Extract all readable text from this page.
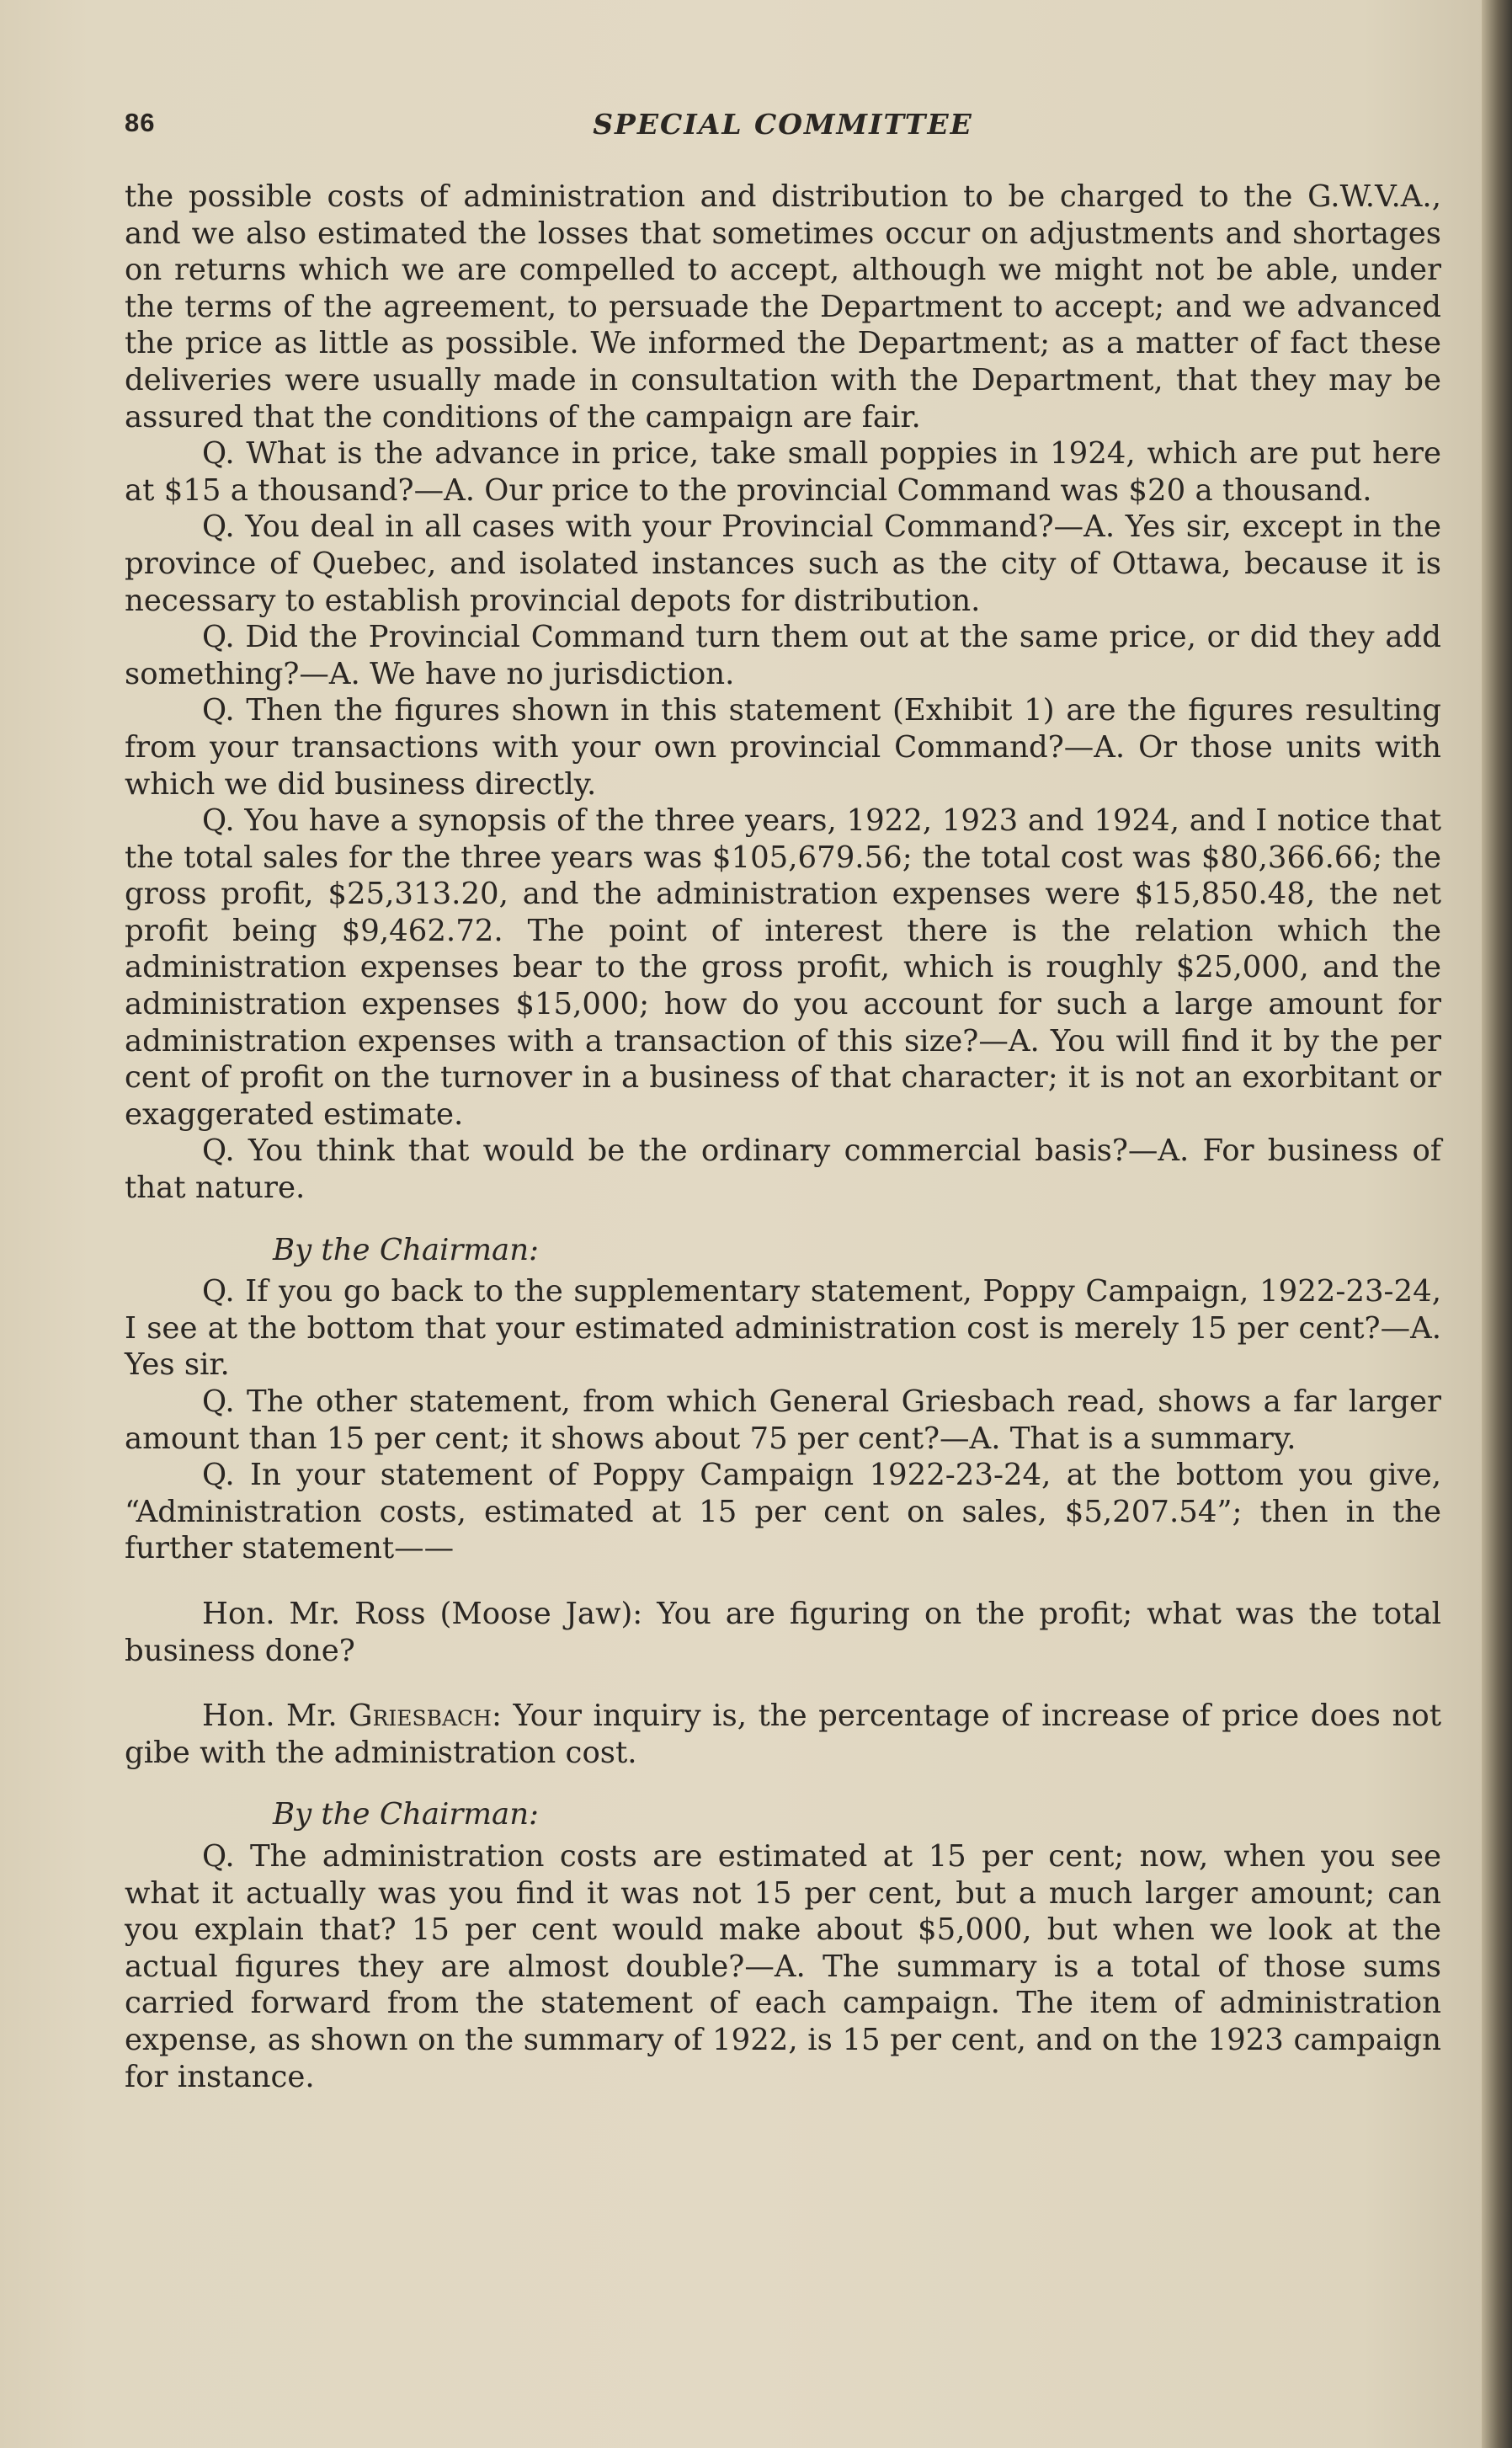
86	SPECIAL COMMITTEE

the possible costs of administration and distribution to be charged to the G.W.V.A., and we also estimated the losses that sometimes occur on adjustments and shortages on returns which we are compelled to accept, although we might not be able, under the terms of the agreement, to persuade the Department to accept; and we advanced the price as little as possible. We informed the Department; as a matter of fact these deliveries were usually made in consultation with the Department, that they may be assured that the conditions of the campaign are fair.

Q. What is the advance in price, take small poppies in 1924, which are put here at $15 a thousand?—A. Our price to the provincial Command was $20 a thousand.

Q. You deal in all cases with your Provincial Command?—A. Yes sir, except in the province of Quebec, and isolated instances such as the city of Ottawa, because it is necessary to establish provincial depots for distribution.

Q. Did the Provincial Command turn them out at the same price, or did they add something?—A. We have no jurisdiction.

Q. Then the figures shown in this statement (Exhibit 1) are the figures resulting from your transactions with your own provincial Command?—A. Or those units with which we did business directly.

Q. You have a synopsis of the three years, 1922, 1923 and 1924, and I notice that the total sales for the three years was $105,679.56; the total cost was $80,366.66; the gross profit, $25,313.20, and the administration expenses were $15,850.48, the net profit being $9,462.72. The point of interest there is the relation which the administration expenses bear to the gross profit, which is roughly $25,000, and the administration expenses $15,000; how do you account for such a large amount for administration expenses with a transaction of this size?—A. You will find it by the per cent of profit on the turnover in a business of that character; it is not an exorbitant or exaggerated estimate.

Q. You think that would be the ordinary commercial basis?—A. For business of that nature.

By the Chairman:

Q. If you go back to the supplementary statement, Poppy Campaign, 1922-23-24, I see at the bottom that your estimated administration cost is merely 15 per cent?—A. Yes sir.

Q. The other statement, from which General Griesbach read, shows a far larger amount than 15 per cent; it shows about 75 per cent?—A. That is a summary.

Q. In your statement of Poppy Campaign 1922-23-24, at the bottom you give, “Administration costs, estimated at 15 per cent on sales, $5,207.54”; then in the further statement——

Hon. Mr. Ross (Moose Jaw): You are figuring on the profit; what was the total business done?

Hon. Mr. Griesbach: Your inquiry is, the percentage of increase of price does not gibe with the administration cost.

By the Chairman:

Q. The administration costs are estimated at 15 per cent; now, when you see what it actually was you find it was not 15 per cent, but a much larger amount; can you explain that? 15 per cent would make about $5,000, but when we look at the actual figures they are almost double?—A. The summary is a total of those sums carried forward from the statement of each campaign. The item of administration expense, as shown on the summary of 1922, is 15 per cent, and on the 1923 campaign for instance.
